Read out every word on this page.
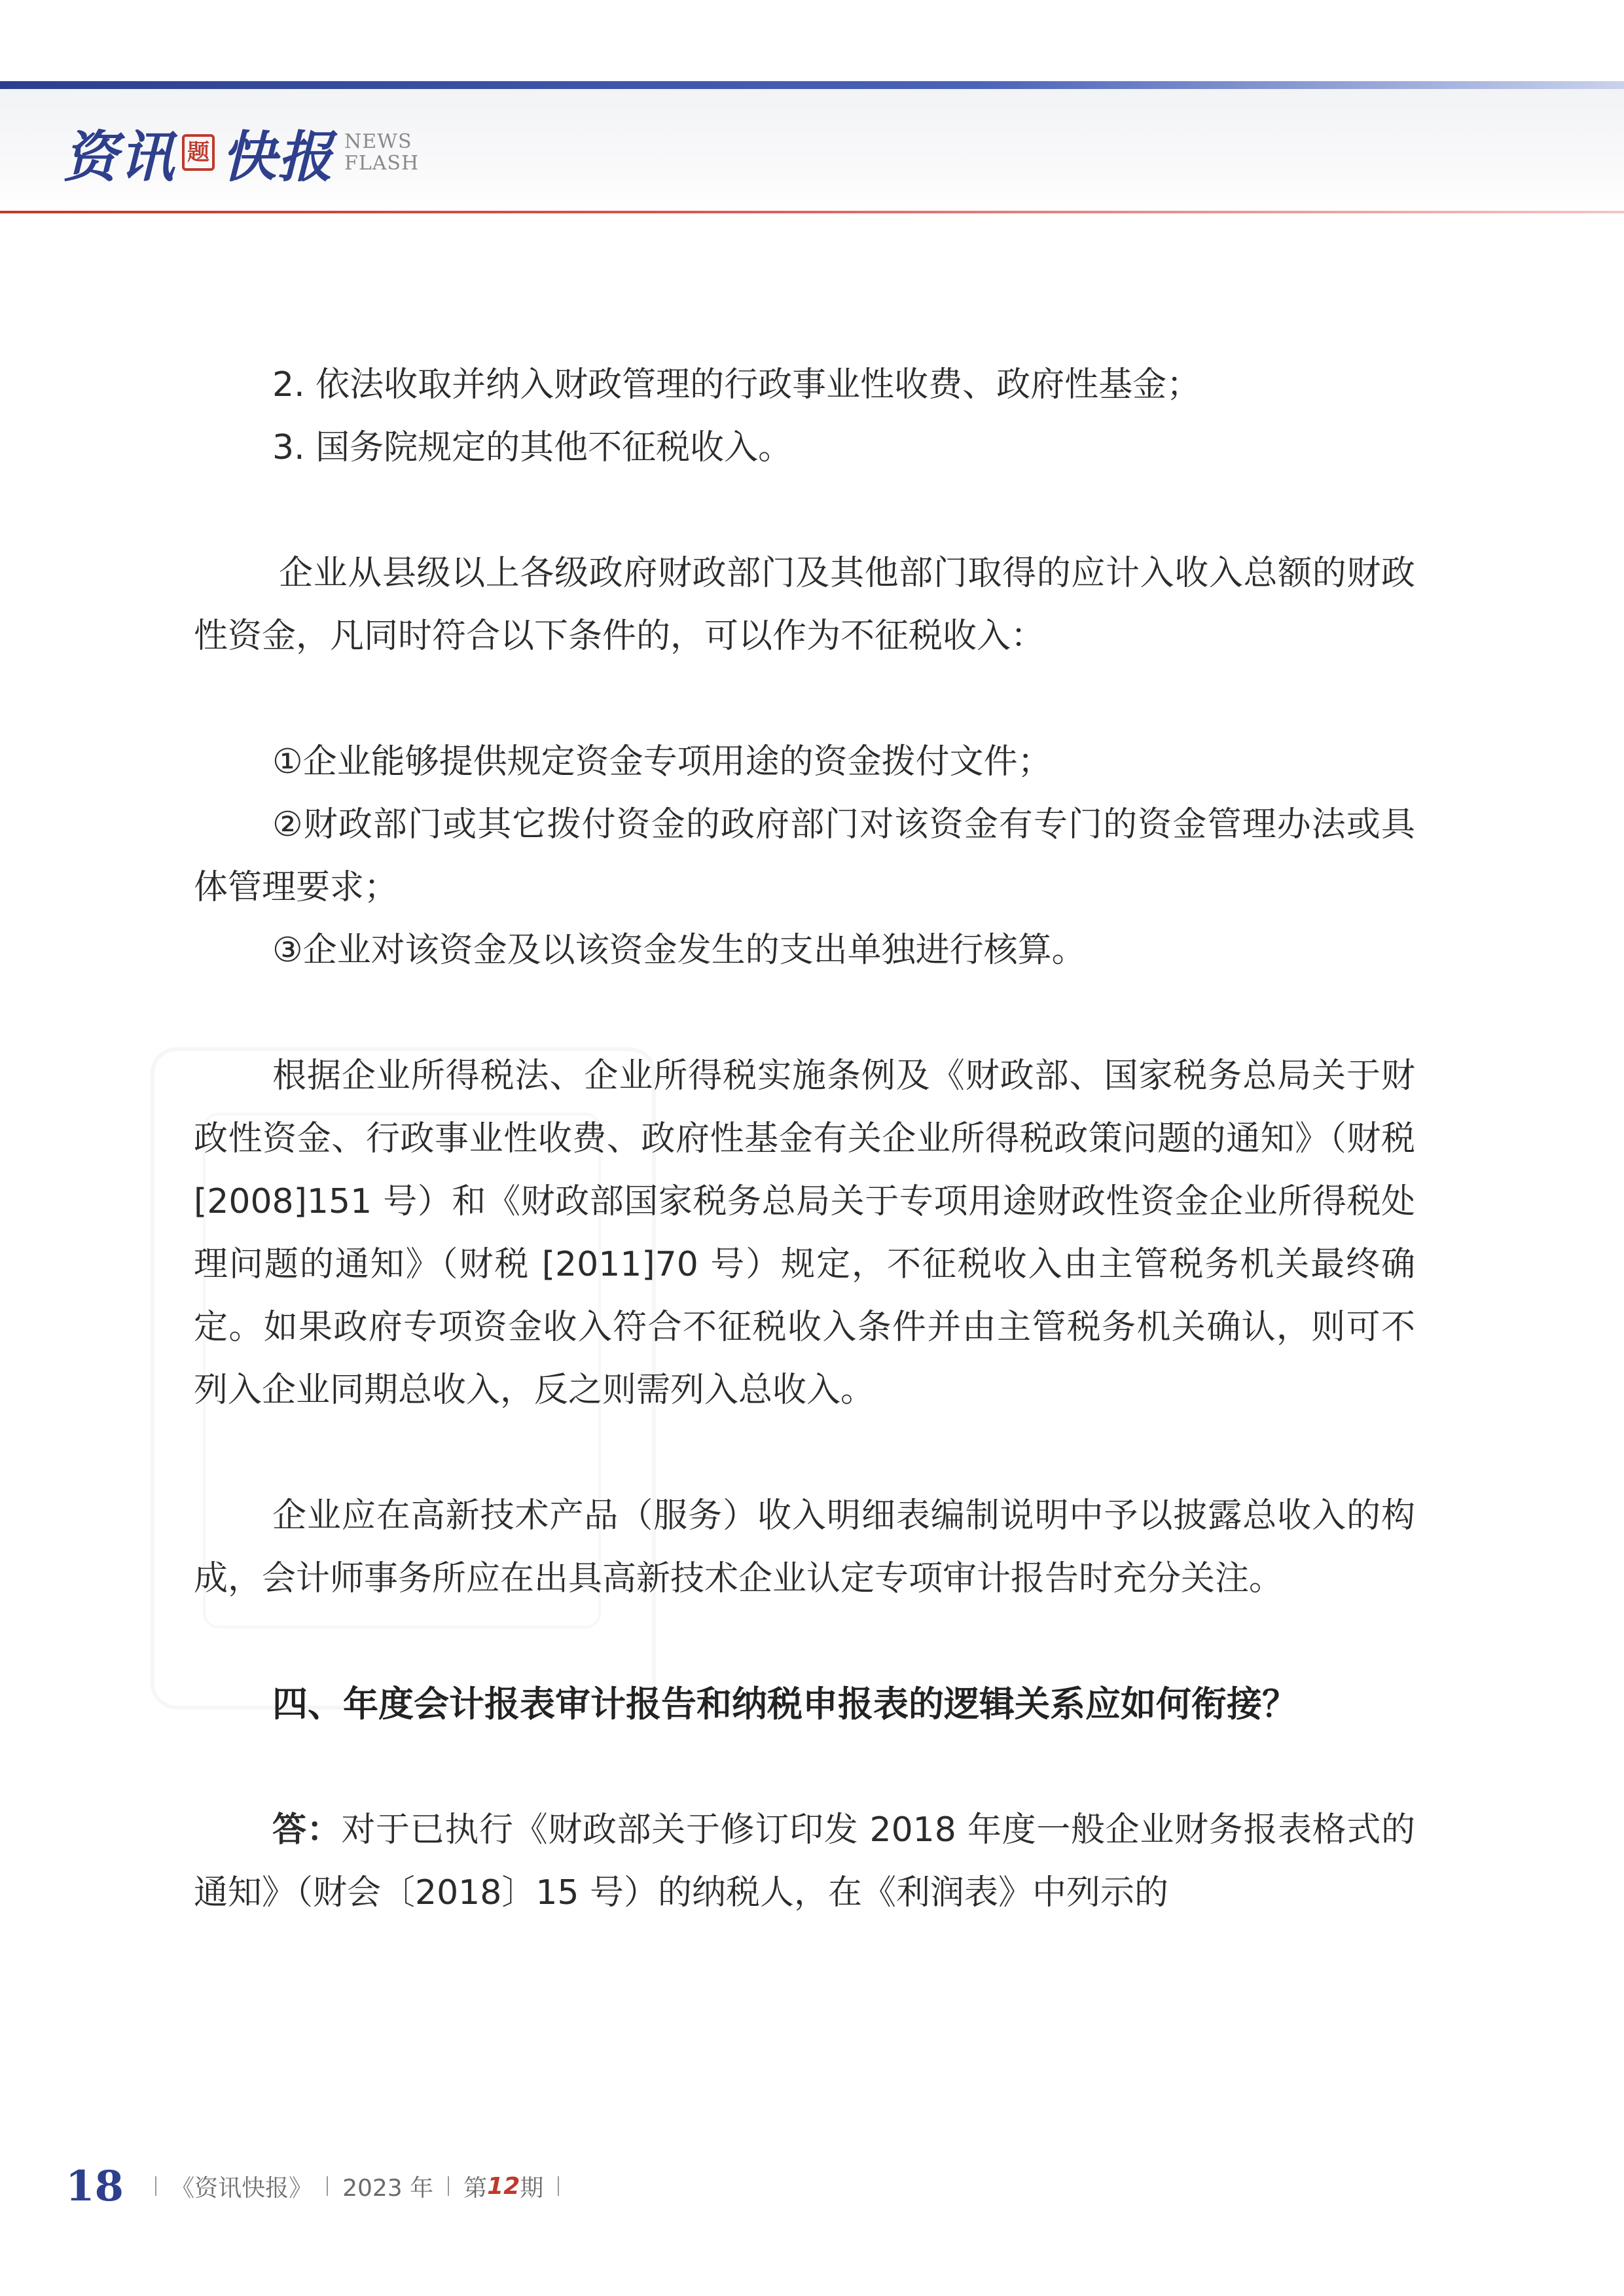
资讯 题 快报 NEWS
FLASH

2. 依法收取并纳入财政管理的行政事业性收费、政府性基金；

3. 国务院规定的其他不征税收入。

企业从县级以上各级政府财政部门及其他部门取得的应计入收入总额的财政性资金，凡同时符合以下条件的，可以作为不征税收入：

①企业能够提供规定资金专项用途的资金拨付文件；

②财政部门或其它拨付资金的政府部门对该资金有专门的资金管理办法或具体管理要求；

③企业对该资金及以该资金发生的支出单独进行核算。

根据企业所得税法、企业所得税实施条例及《财政部、国家税务总局关于财政性资金、行政事业性收费、政府性基金有关企业所得税政策问题的通知》（财税 [2008]151 号）和《财政部国家税务总局关于专项用途财政性资金企业所得税处理问题的通知》（财税 [2011]70 号）规定，不征税收入由主管税务机关最终确定。如果政府专项资金收入符合不征税收入条件并由主管税务机关确认，则可不列入企业同期总收入，反之则需列入总收入。

企业应在高新技术产品（服务）收入明细表编制说明中予以披露总收入的构成，会计师事务所应在出具高新技术企业认定专项审计报告时充分关注。

四、年度会计报表审计报告和纳税申报表的逻辑关系应如何衔接？

答：对于已执行《财政部关于修订印发 2018 年度一般企业财务报表格式的通知》（财会〔2018〕15 号）的纳税人，在《利润表》中列示的

18 《资讯快报》 2023 年 第 12 期
